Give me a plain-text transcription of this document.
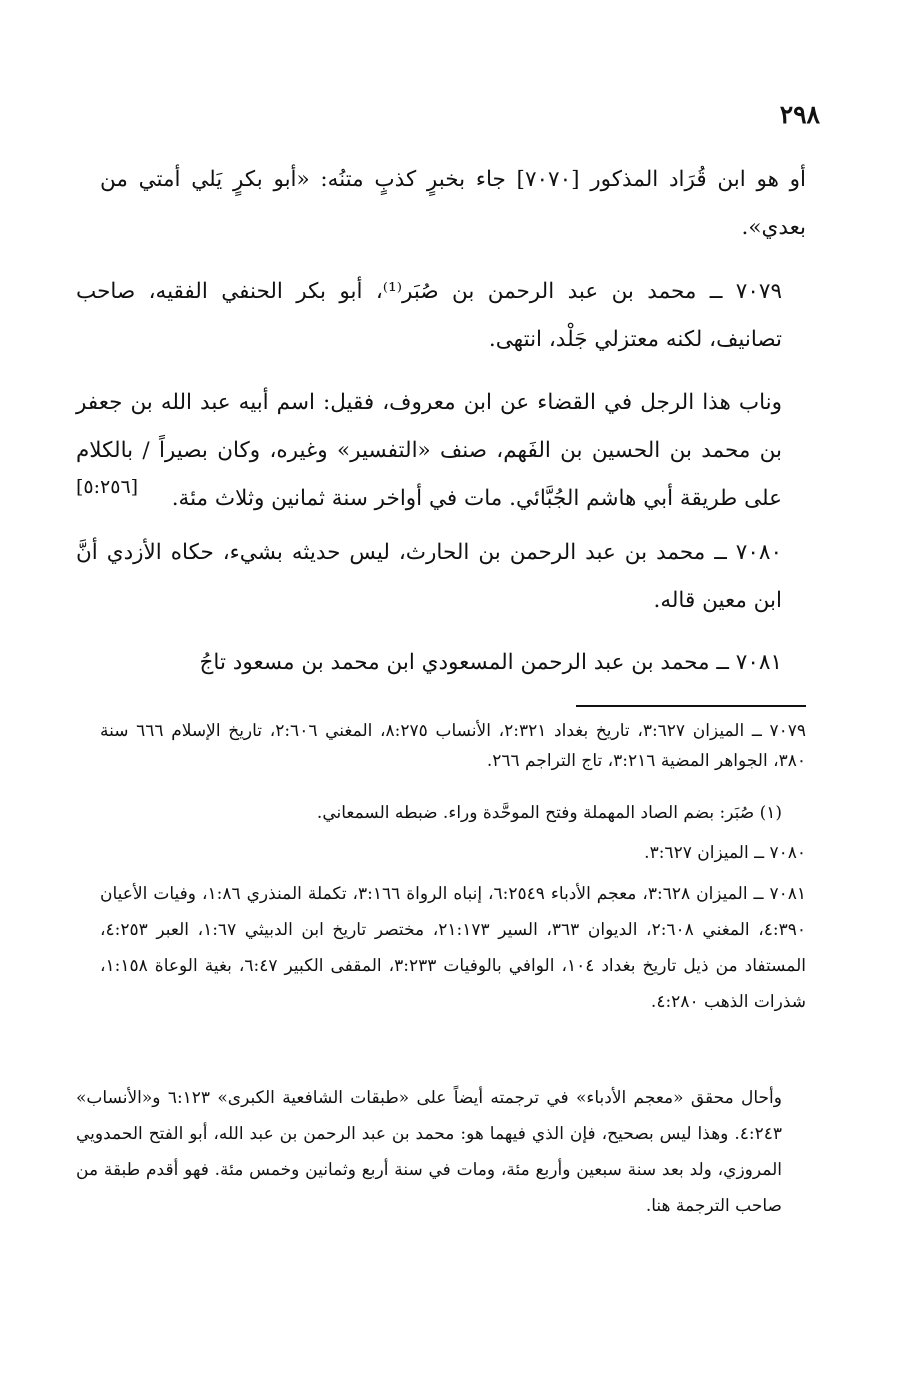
٢٩٨
أو هو ابن قُرَاد المذكور [٧٠٧٠] جاء بخبرٍ كذبٍ متنُه: «أبو بكرٍ يَلي أمتي من بعدي».
٧٠٧٩ ــ محمد بن عبد الرحمن بن صُبَر⁽¹⁾، أبو بكر الحنفي الفقيه، صاحب تصانيف، لكنه معتزلي جَلْد، انتهى.
وناب هذا الرجل في القضاء عن ابن معروف، فقيل: اسم أبيه عبد الله بن جعفر بن محمد بن الحسين بن الفَهم، صنف «التفسير» وغيره، وكان بصيراً / بالكلام على طريقة أبي هاشم الجُبَّائي. مات في أواخر سنة ثمانين وثلاث مئة.
[٥:٢٥٦]
٧٠٨٠ ــ محمد بن عبد الرحمن بن الحارث، ليس حديثه بشيء، حكاه الأزدي أنَّ ابن معين قاله.
٧٠٨١ ــ محمد بن عبد الرحمن المسعودي ابن محمد بن مسعود تاجُ
٧٠٧٩ ــ الميزان ٣:٦٢٧، تاريخ بغداد ٢:٣٢١، الأنساب ٨:٢٧٥، المغني ٢:٦٠٦، تاريخ الإسلام ٦٦٦ سنة ٣٨٠، الجواهر المضية ٣:٢١٦، تاج التراجم ٢٦٦.
(١) صُبَر: بضم الصاد المهملة وفتح الموحَّدة وراء. ضبطه السمعاني.
٧٠٨٠ ــ الميزان ٣:٦٢٧.
٧٠٨١ ــ الميزان ٣:٦٢٨، معجم الأدباء ٦:٢٥٤٩، إنباه الرواة ٣:١٦٦، تكملة المنذري ١:٨٦، وفيات الأعيان ٤:٣٩٠، المغني ٢:٦٠٨، الديوان ٣٦٣، السير ٢١:١٧٣، مختصر تاريخ ابن الدبيثي ١:٦٧، العبر ٤:٢٥٣، المستفاد من ذيل تاريخ بغداد ١٠٤، الوافي بالوفيات ٣:٢٣٣، المقفى الكبير ٦:٤٧، بغية الوعاة ١:١٥٨، شذرات الذهب ٤:٢٨٠.
وأحال محقق «معجم الأدباء» في ترجمته أيضاً على «طبقات الشافعية الكبرى» ٦:١٢٣ و«الأنساب» ٤:٢٤٣. وهذا ليس بصحيح، فإن الذي فيهما هو: محمد بن عبد الرحمن بن عبد الله، أبو الفتح الحمدويي المروزي، ولد بعد سنة سبعين وأربع مئة، ومات في سنة أربع وثمانين وخمس مئة. فهو أقدم طبقة من صاحب الترجمة هنا.
